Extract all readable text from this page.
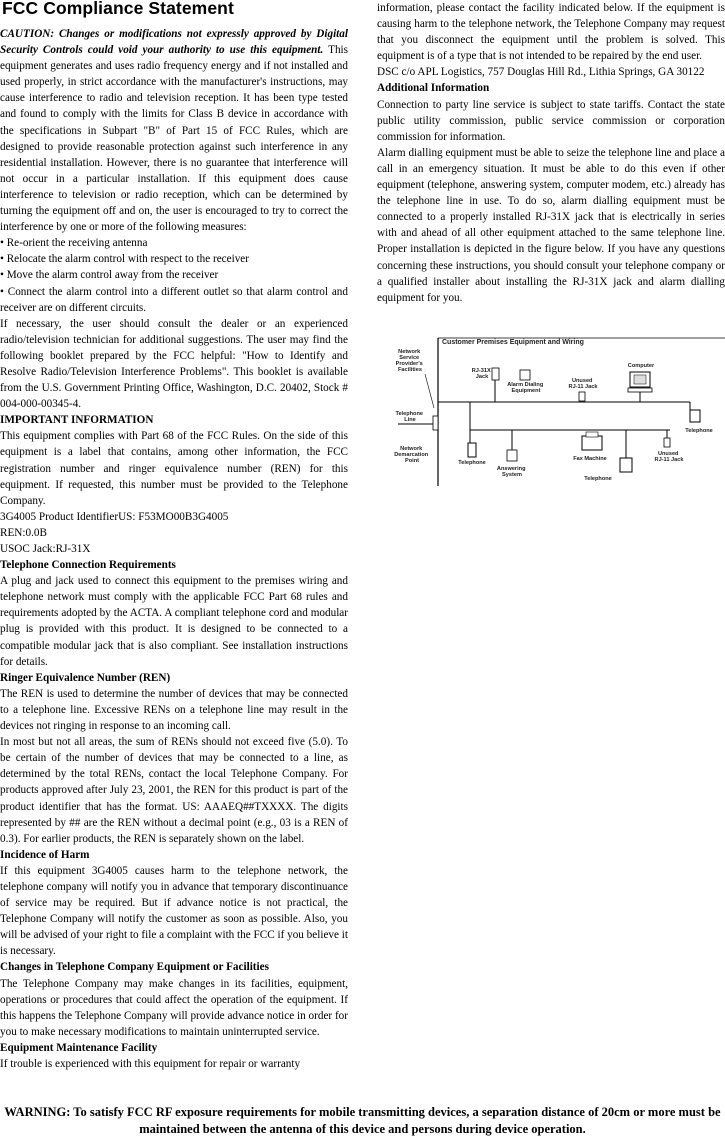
FCC Compliance Statement

CAUTION: Changes or modifications not expressly approved by Digital Security Controls could void your authority to use this equipment. This equipment generates and uses radio frequency energy and if not installed and used properly, in strict accordance with the manufacturer's instructions, may cause interference to radio and television reception. It has been type tested and found to comply with the limits for Class B device in accordance with the specifications in Subpart "B" of Part 15 of FCC Rules, which are designed to provide reasonable protection against such interference in any residential installation. However, there is no guarantee that interference will not occur in a particular installation. If this equipment does cause interference to television or radio reception, which can be determined by turning the equipment off and on, the user is encouraged to try to correct the interference by one or more of the following measures:

• Re-orient the receiving antenna

• Relocate the alarm control with respect to the receiver

• Move the alarm control away from the receiver

• Connect the alarm control into a different outlet so that alarm control and receiver are on different circuits.

If necessary, the user should consult the dealer or an experienced radio/television technician for additional suggestions. The user may find the following booklet prepared by the FCC helpful: "How to Identify and Resolve Radio/Television Interference Problems". This booklet is available from the U.S. Government Printing Office, Washington, D.C. 20402, Stock # 004-000-00345-4.

IMPORTANT INFORMATION

This equipment complies with Part 68 of the FCC Rules. On the side of this equipment is a label that contains, among other information, the FCC registration number and ringer equivalence number (REN) for this equipment. If requested, this number must be provided to the Telephone Company.

3G4005 Product IdentifierUS: F53MO00B3G4005

REN:0.0B

USOC Jack:RJ-31X

Telephone Connection Requirements

A plug and jack used to connect this equipment to the premises wiring and telephone network must comply with the applicable FCC Part 68 rules and requirements adopted by the ACTA. A compliant telephone cord and modular plug is provided with this product. It is designed to be connected to a compatible modular jack that is also compliant. See installation instructions for details.

Ringer Equivalence Number (REN)

The REN is used to determine the number of devices that may be connected to a telephone line. Excessive RENs on a telephone line may result in the devices not ringing in response to an incoming call.

In most but not all areas, the sum of RENs should not exceed five (5.0). To be certain of the number of devices that may be connected to a line, as determined by the total RENs, contact the local Telephone Company. For products approved after July 23, 2001, the REN for this product is part of the product identifier that has the format. US: AAAEQ##TXXXX. The digits represented by ## are the REN without a decimal point (e.g., 03 is a REN of 0.3). For earlier products, the REN is separately shown on the label.

Incidence of Harm

If this equipment 3G4005 causes harm to the telephone network, the telephone company will notify you in advance that temporary discontinuance of service may be required. But if advance notice is not practical, the Telephone Company will notify the customer as soon as possible. Also, you will be advised of your right to file a complaint with the FCC if you believe it is necessary.

Changes in Telephone Company Equipment or Facilities

The Telephone Company may make changes in its facilities, equipment, operations or procedures that could affect the operation of the equipment. If this happens the Telephone Company will provide advance notice in order for you to make necessary modifications to maintain uninterrupted service.

Equipment Maintenance Facility

If trouble is experienced with this equipment for repair or warranty

information, please contact the facility indicated below. If the equipment is causing harm to the telephone network, the Telephone Company may request that you disconnect the equipment until the problem is solved. This equipment is of a type that is not intended to be repaired by the end user.

DSC c/o APL Logistics, 757 Douglas Hill Rd., Lithia Springs, GA 30122

Additional Information

Connection to party line service is subject to state tariffs. Contact the state public utility commission, public service commission or corporation commission for information.

Alarm dialling equipment must be able to seize the telephone line and place a call in an emergency situation. It must be able to do this even if other equipment (telephone, answering system, computer modem, etc.) already has the telephone line in use. To do so, alarm dialling equipment must be connected to a properly installed RJ-31X jack that is electrically in series with and ahead of all other equipment attached to the same telephone line. Proper installation is depicted in the figure below. If you have any questions concerning these instructions, you should consult your telephone company or a qualified installer about installing the RJ-31X jack and alarm dialling equipment for you.

Customer Premises Equipment and Wiring
Network Service Provider's Facilities
Telephone Line
Network Demarcation Point
RJ-31X Jack
Alarm Dialing Equipment
Unused RJ-11 Jack
Computer
Telephone
Telephone
Answering System
Fax Machine
Unused RJ-11 Jack
Telephone
WARNING: To satisfy FCC RF exposure requirements for mobile transmitting devices, a separation distance of 20cm or more must be maintained between the antenna of this device and persons during device operation.
